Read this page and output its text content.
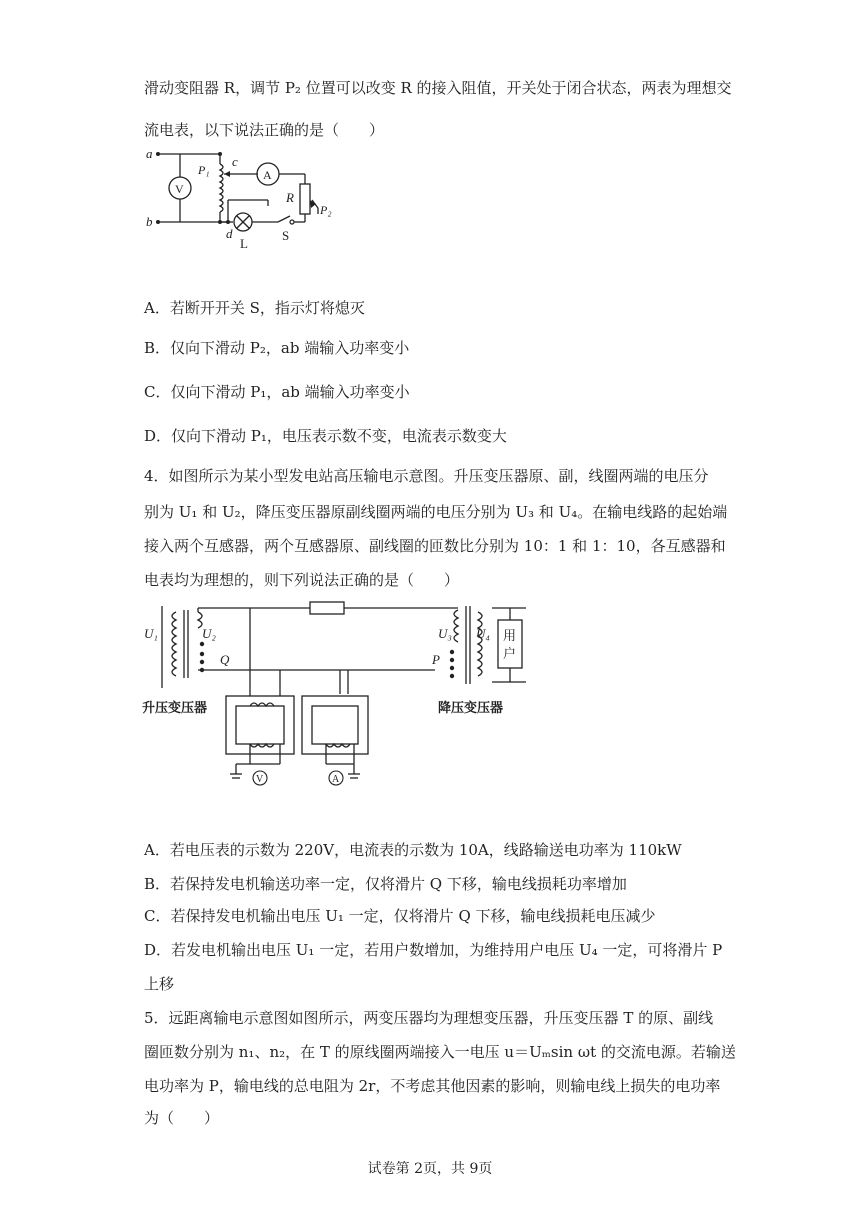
滑动变阻器 R，调节 P₂ 位置可以改变 R 的接入阻值，开关处于闭合状态，两表为理想交
流电表，以下说法正确的是（　　）
a
b
V
A
P₁
c
R
P₂
d
L
S
A．若断开开关 S，指示灯将熄灭
B．仅向下滑动 P₂，ab 端输入功率变小
C．仅向下滑动 P₁，ab 端输入功率变小
D．仅向下滑动 P₁，电压表示数不变，电流表示数变大
4．如图所示为某小型发电站高压输电示意图。升压变压器原、副，线圈两端的电压分
别为 U₁ 和 U₂，降压变压器原副线圈两端的电压分别为 U₃ 和 U₄。在输电线路的起始端
接入两个互感器，两个互感器原、副线圈的匝数比分别为 10：1 和 1：10，各互感器和
电表均为理想的，则下列说法正确的是（　　）
U₁	U₂
Q
U₃ U₄
P
用
户
升压变压器	降压变压器
V	A
A．若电压表的示数为 220V，电流表的示数为 10A，线路输送电功率为 110kW
B．若保持发电机输送功率一定，仅将滑片 Q 下移，输电线损耗功率增加
C．若保持发电机输出电压 U₁ 一定，仅将滑片 Q 下移，输电线损耗电压减少
D．若发电机输出电压 U₁ 一定，若用户数增加，为维持用户电压 U₄ 一定，可将滑片 P
上移
5．远距离输电示意图如图所示，两变压器均为理想变压器，升压变压器 T 的原、副线
圈匝数分别为 n₁、n₂，在 T 的原线圈两端接入一电压 u＝Uₘsin ωt 的交流电源。若输送
电功率为 P，输电线的总电阻为 2r，不考虑其他因素的影响，则输电线上损失的电功率
为（　　）
试卷第 2页，共 9页
